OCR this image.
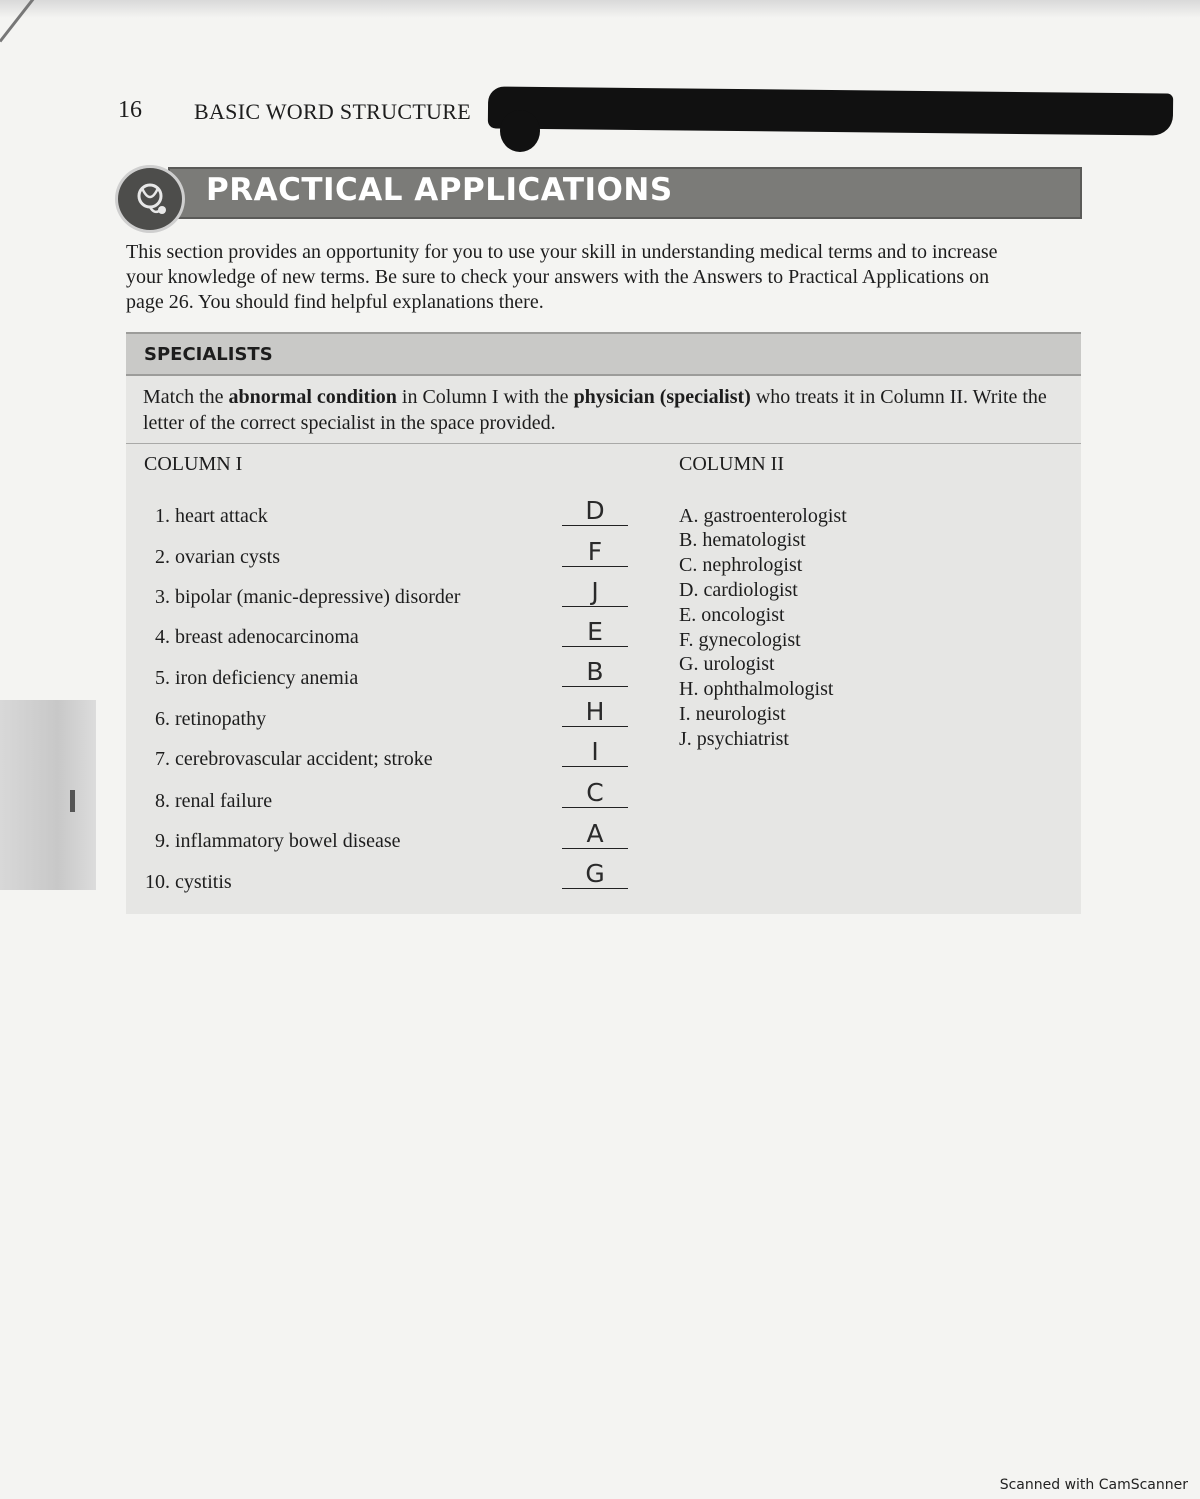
16 BASIC WORD STRUCTURE
PRACTICAL APPLICATIONS
This section provides an opportunity for you to use your skill in understanding medical terms and to increase your knowledge of new terms. Be sure to check your answers with the Answers to Practical Applications on page 26. You should find helpful explanations there.
SPECIALISTS
Match the abnormal condition in Column I with the physician (specialist) who treats it in Column II. Write the letter of the correct specialist in the space provided.
COLUMN I	COLUMN II
1. heart attack
2. ovarian cysts
3. bipolar (manic-depressive) disorder
4. breast adenocarcinoma
5. iron deficiency anemia
6. retinopathy
7. cerebrovascular accident; stroke
8. renal failure
9. inflammatory bowel disease
10. cystitis
D
F
J
E
B
H
I
C
A
G
A. gastroenterologist
B. hematologist
C. nephrologist
D. cardiologist
E. oncologist
F. gynecologist
G. urologist
H. ophthalmologist
I. neurologist
J. psychiatrist
Scanned with CamScanner
